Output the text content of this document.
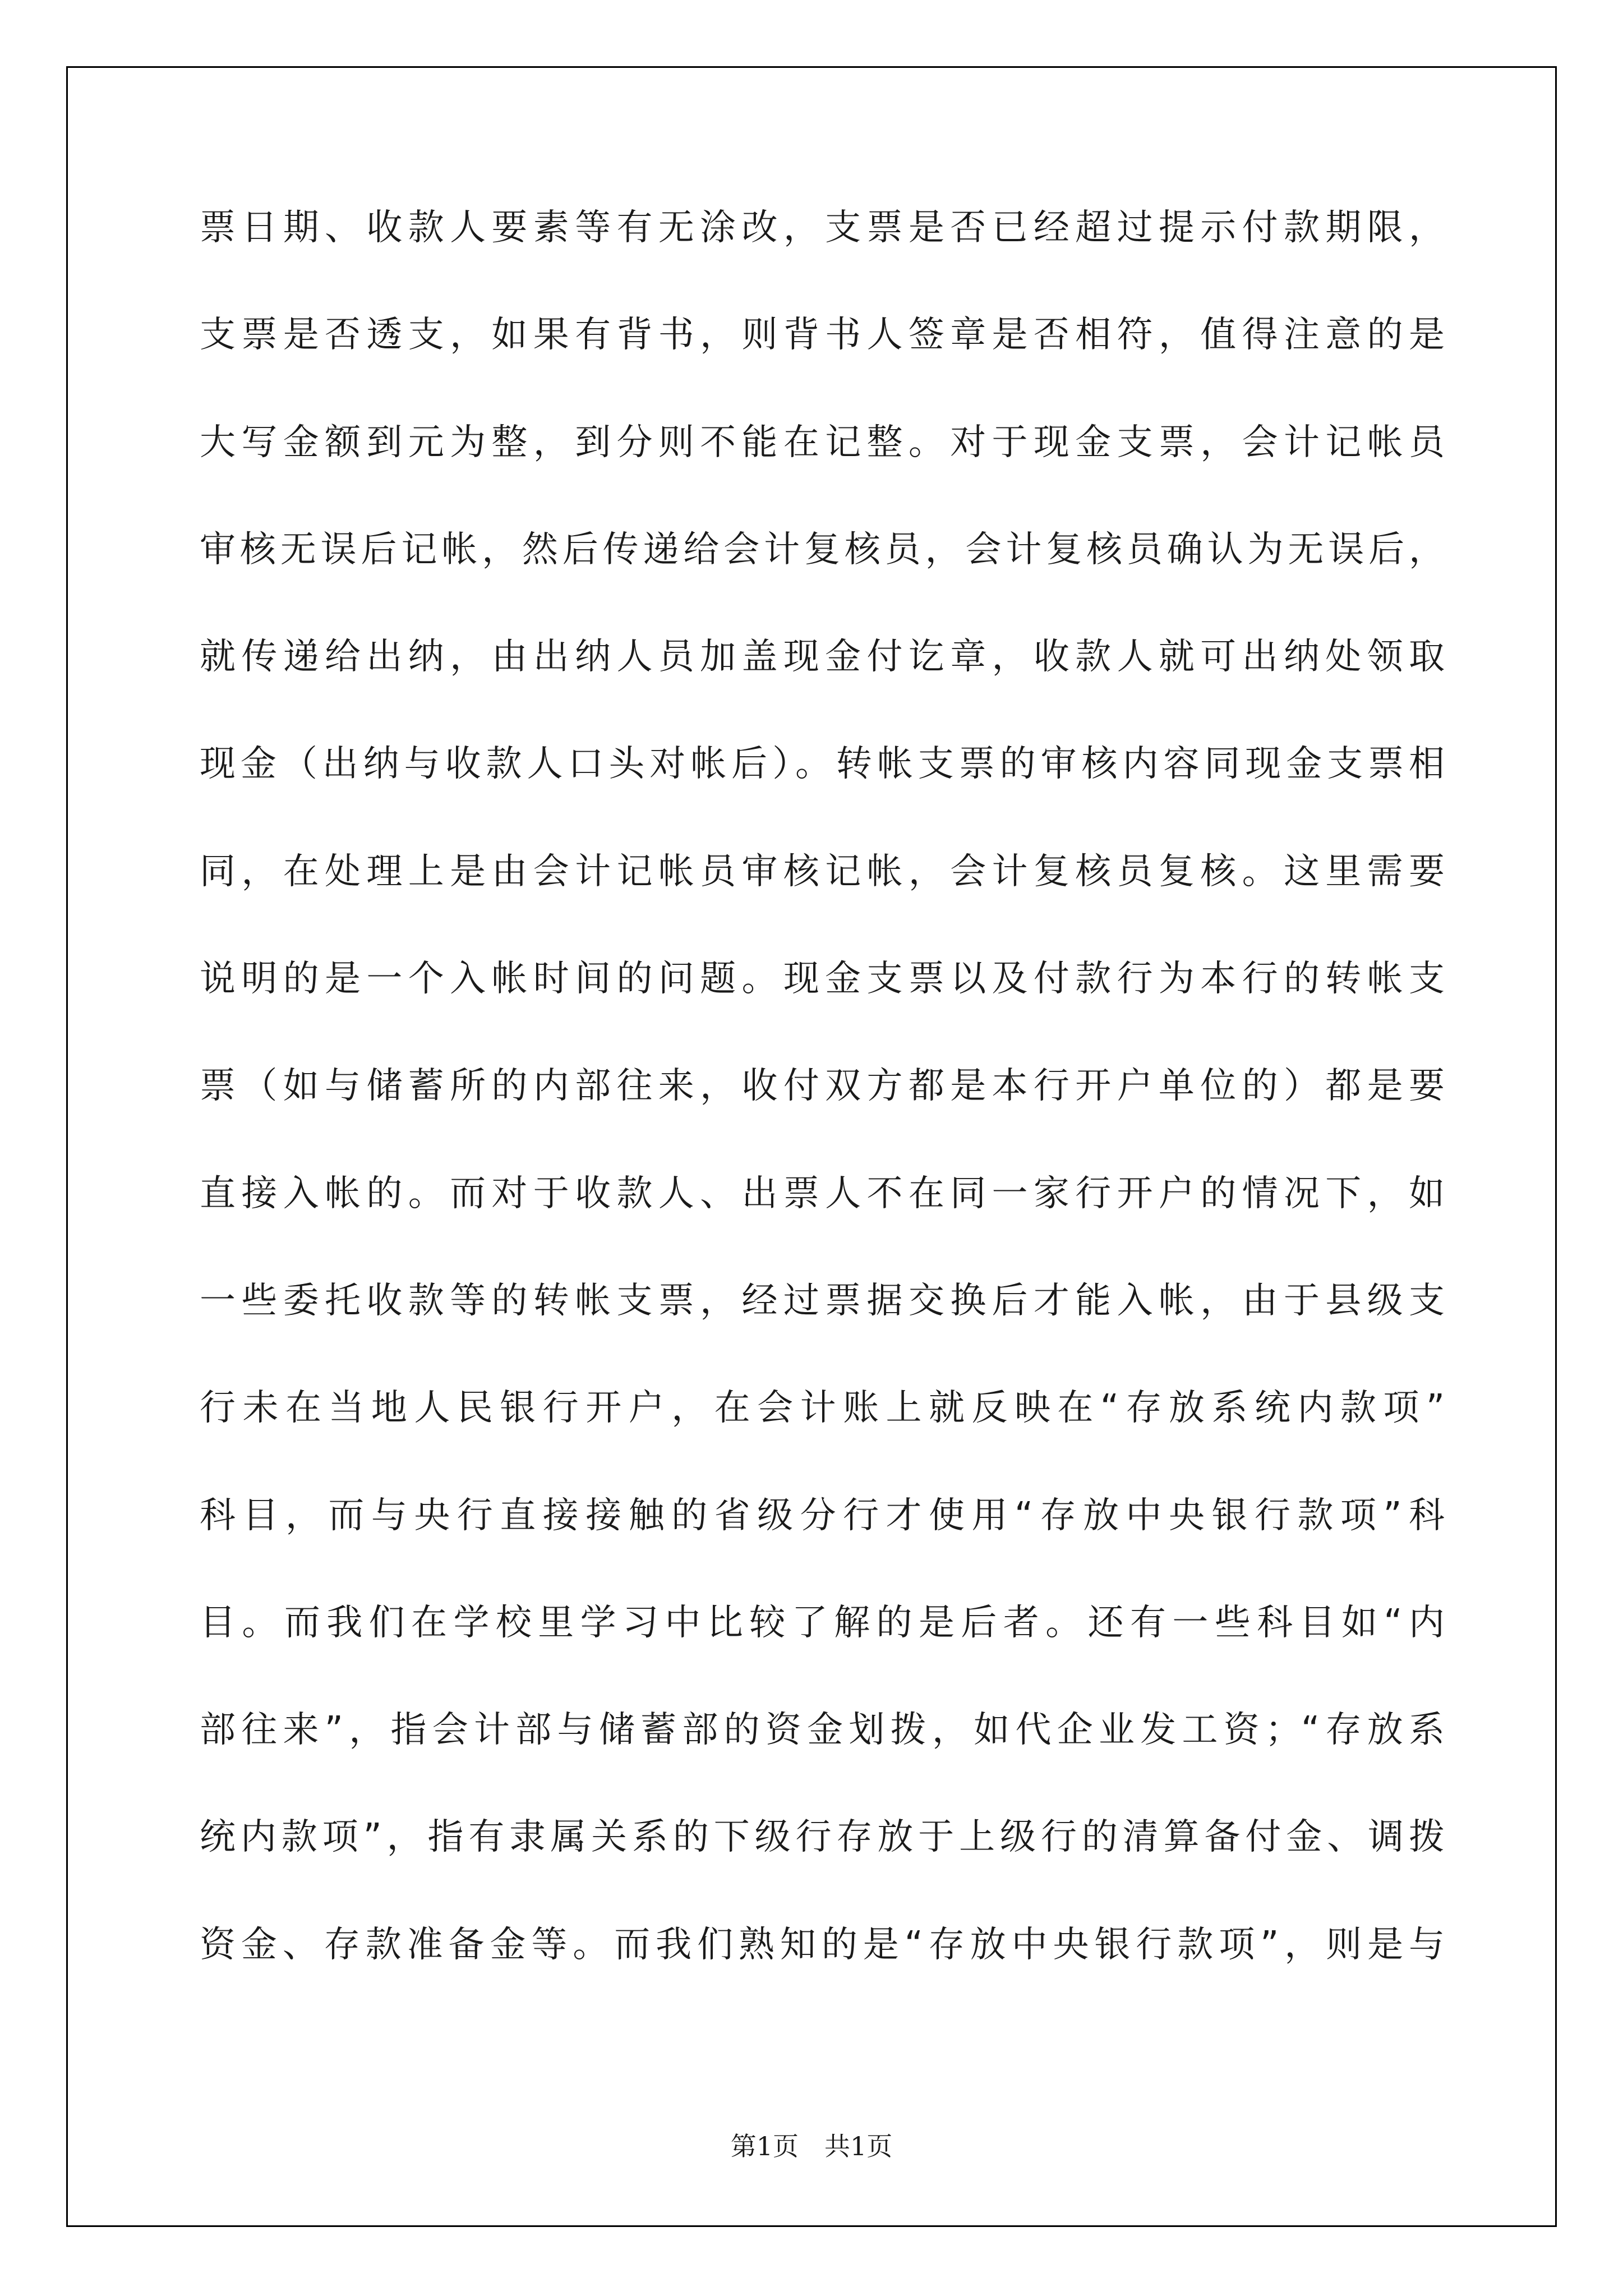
票日期、收款人要素等有无涂改，支票是否已经超过提示付款期限，
支票是否透支，如果有背书，则背书人签章是否相符，值得注意的是
大写金额到元为整，到分则不能在记整。对于现金支票，会计记帐员
审核无误后记帐，然后传递给会计复核员，会计复核员确认为无误后，
就传递给出纳，由出纳人员加盖现金付讫章，收款人就可出纳处领取
现金（出纳与收款人口头对帐后）。转帐支票的审核内容同现金支票相
同，在处理上是由会计记帐员审核记帐，会计复核员复核。这里需要
说明的是一个入帐时间的问题。现金支票以及付款行为本行的转帐支
票（如与储蓄所的内部往来，收付双方都是本行开户单位的）都是要
直接入帐的。而对于收款人、出票人不在同一家行开户的情况下，如
一些委托收款等的转帐支票，经过票据交换后才能入帐，由于县级支
行未在当地人民银行开户，在会计账上就反映在“存放系统内款项”
科目，而与央行直接接触的省级分行才使用“存放中央银行款项”科
目。而我们在学校里学习中比较了解的是后者。还有一些科目如“内
部往来”，指会计部与储蓄部的资金划拨，如代企业发工资；“存放系
统内款项”，指有隶属关系的下级行存放于上级行的清算备付金、调拨
资金、存款准备金等。而我们熟知的是“存放中央银行款项”，则是与
第1页　共1页
